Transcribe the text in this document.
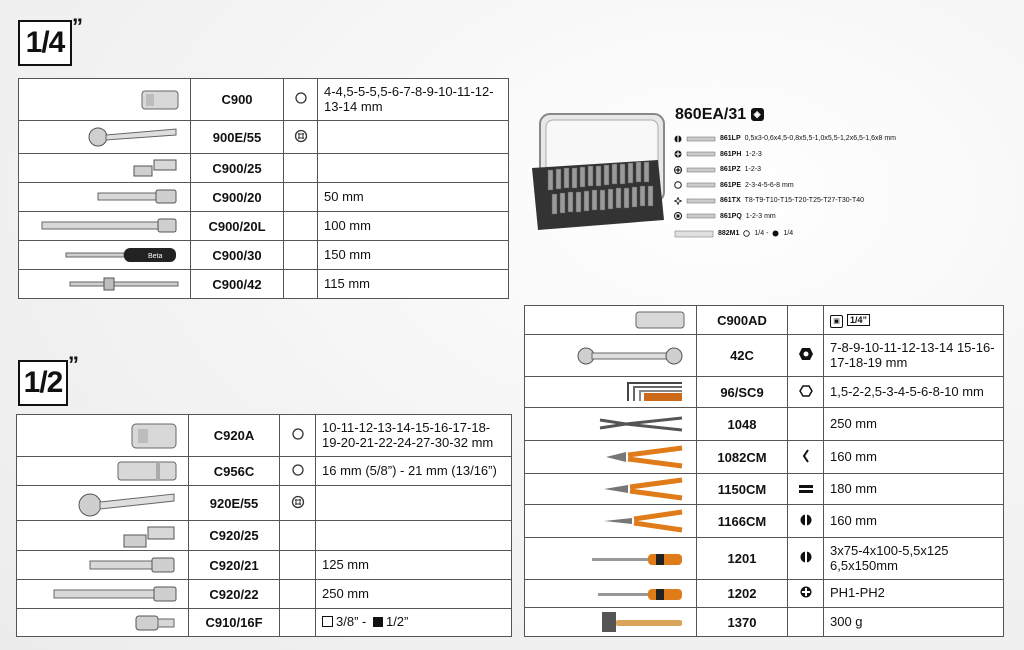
1/4 ”
1/2
”
	C900		4-4,5-5-5,5-6-7-8-9-10-11-12-13-14 mm
	900E/55		
	C900/25		
	C900/20		50 mm
	C900/20L		100 mm

Beta	C900/30		150 mm
	C900/42		115 mm
	C920A		10-11-12-13-14-15-16-17-18-19-20-21-22-24-27-30-32 mm
	C956C		16 mm (5/8”) - 21 mm (13/16”)
	920E/55		
	C920/25		
	C920/21		125 mm
	C920/22		250 mm
	C910/16F		3/8” - 1/2”
	C900AD		▣ 1/4”
	42C		7-8-9-10-11-12-13-14 15-16-17-18-19 mm
	96/SC9		1,5-2-2,5-3-4-5-6-8-10 mm
	1048		250 mm
	1082CM		160 mm
	1150CM		180 mm
	1166CM		160 mm
	1201		3x75-4x100-5,5x125 6,5x150mm
	1202		PH1-PH2
	1370		300 g
860EA/31 ◈
861LP 0,5x3-0,6x4,5-0,8x5,5-1,0x5,5-1,2x6,5-1,6x8 mm
861PH 1-2-3
861PZ 1-2-3
861PE 2-3-4-5-6-8 mm
861TX T8-T9-T10-T15-T20-T25-T27-T30-T40
861PQ 1-2-3 mm
882M1 1/4 - 1/4
